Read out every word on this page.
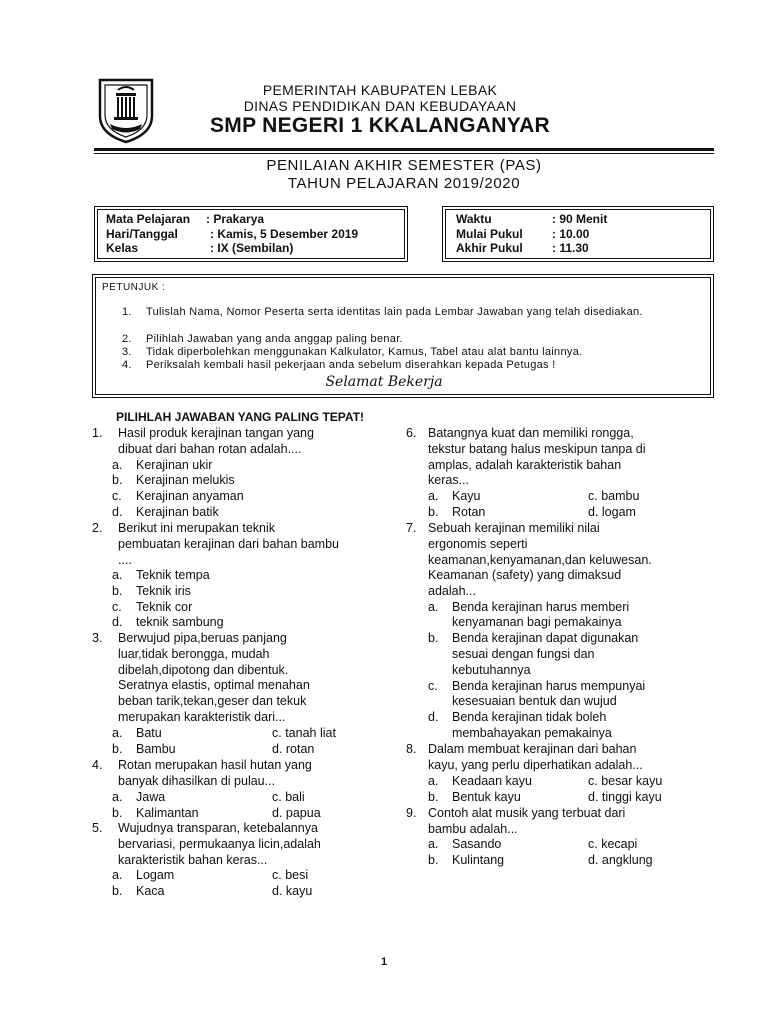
PEMERINTAH KABUPATEN LEBAK
DINAS PENDIDIKAN DAN KEBUDAYAAN
SMP NEGERI 1 KKALANGANYAR
PENILAIAN AKHIR SEMESTER (PAS)
TAHUN PELAJARAN 2019/2020
Mata Pelajaran : Prakarya
Hari/Tanggal	: Kamis, 5 Desember 2019
Kelas	: IX (Sembilan)
Waktu	: 90 Menit
Mulai Pukul : 10.00
Akhir Pukul : 11.30
PETUNJUK :
1. Tulislah Nama, Nomor Peserta serta identitas lain pada Lembar Jawaban yang telah disediakan.
2. Pilihlah Jawaban yang anda anggap paling benar.
3. Tidak diperbolehkan menggunakan Kalkulator, Kamus, Tabel atau alat bantu lainnya.
4. Periksalah kembali hasil pekerjaan anda sebelum diserahkan kepada Petugas !
Selamat Bekerja
PILIHLAH JAWABAN YANG PALING TEPAT!
1. Hasil produk kerajinan tangan yang
dibuat dari bahan rotan adalah....
a. Kerajinan ukir
b. Kerajinan melukis
c. Kerajinan anyaman
d. Kerajinan batik
2. Berikut ini merupakan teknik
pembuatan kerajinan dari bahan bambu
....
a. Teknik tempa
b. Teknik iris
c. Teknik cor
d. teknik sambung
3. Berwujud pipa,beruas panjang
luar,tidak berongga, mudah
dibelah,dipotong dan dibentuk.
Seratnya elastis, optimal menahan
beban tarik,tekan,geser dan tekuk
merupakan karakteristik dari...
a. Batu	c. tanah liat
b. Bambu	d. rotan
4. Rotan merupakan hasil hutan yang
banyak dihasilkan di pulau...
a. Jawa	c. bali
b. Kalimantan	d. papua
5. Wujudnya transparan, ketebalannya
bervariasi, permukaanya licin,adalah
karakteristik bahan keras...
a. Logam	c. besi
b. Kaca	d. kayu
6. Batangnya kuat dan memiliki rongga,
tekstur batang halus meskipun tanpa di
amplas, adalah karakteristik bahan
keras...
a. Kayu	c. bambu
b. Rotan	d. logam
7. Sebuah kerajinan memiliki nilai
ergonomis seperti
keamanan,kenyamanan,dan keluwesan.
Keamanan (safety) yang dimaksud
adalah...
a. Benda kerajinan harus memberi
kenyamanan bagi pemakainya
b. Benda kerajinan dapat digunakan
sesuai dengan fungsi dan
kebutuhannya
c. Benda kerajinan harus mempunyai
kesesuaian bentuk dan wujud
d. Benda kerajinan tidak boleh
membahayakan pemakainya
8. Dalam membuat kerajinan dari bahan
kayu, yang perlu diperhatikan adalah...
a. Keadaan kayu	c. besar kayu
b. Bentuk kayu	d. tinggi kayu
9. Contoh alat musik yang terbuat dari
bambu adalah...
a. Sasando	c. kecapi
b. Kulintang	d. angklung
1
